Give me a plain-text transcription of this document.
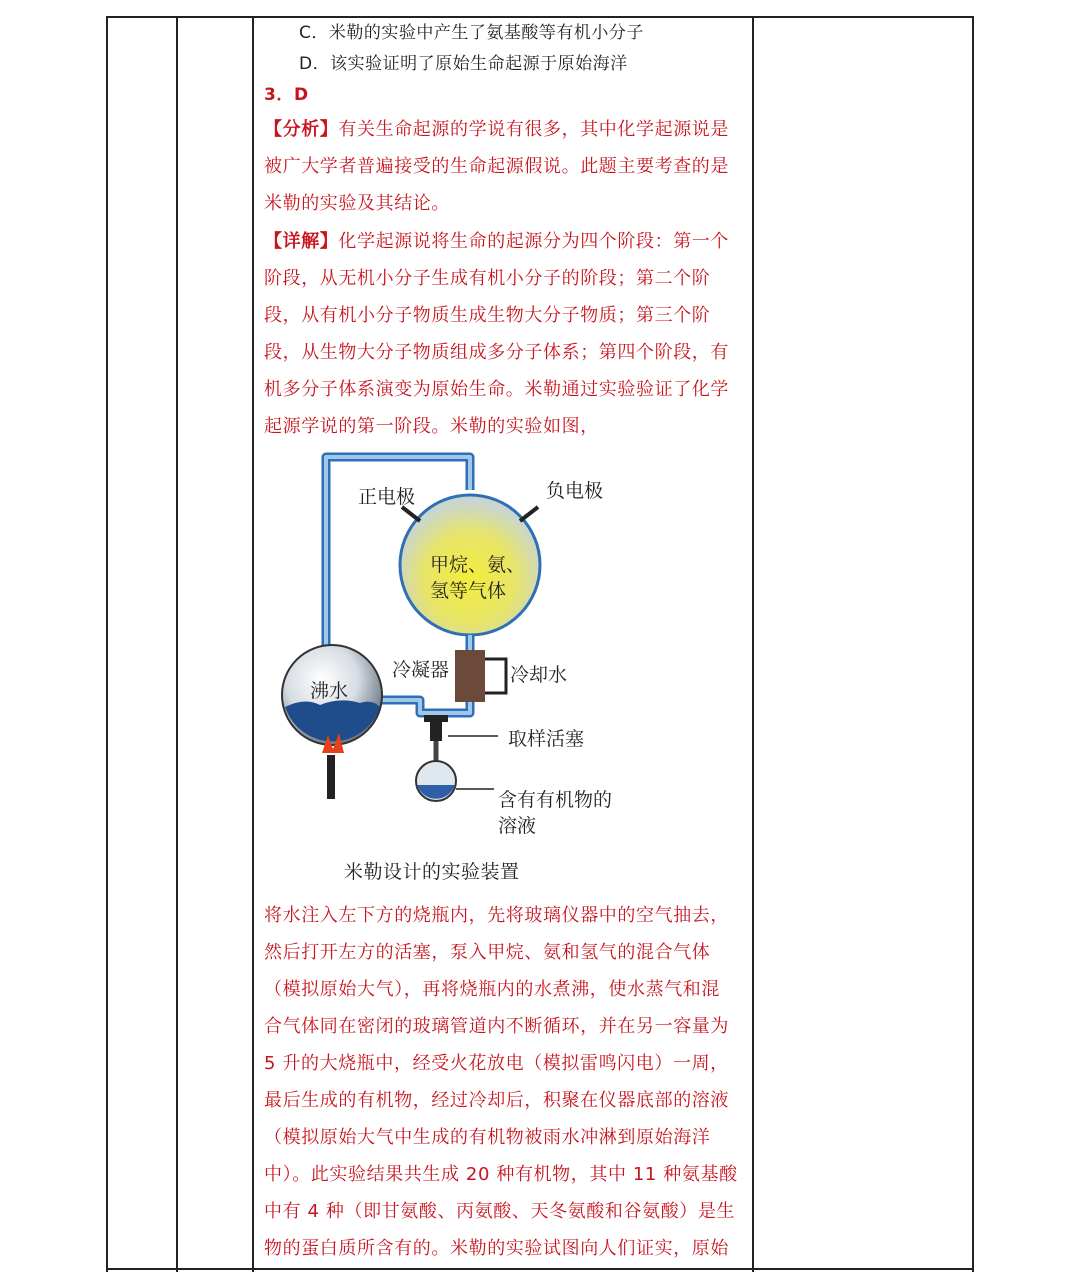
C．米勒的实验中产生了氨基酸等有机小分子
D．该实验证明了原始生命起源于原始海洋
3．D
【分析】有关生命起源的学说有很多，其中化学起源说是
被广大学者普遍接受的生命起源假说。此题主要考查的是
米勒的实验及其结论。
【详解】化学起源说将生命的起源分为四个阶段：第一个
阶段，从无机小分子生成有机小分子的阶段；第二个阶
段，从有机小分子物质生成生物大分子物质；第三个阶
段，从生物大分子物质组成多分子体系；第四个阶段，有
机多分子体系演变为原始生命。米勒通过实验验证了化学
起源学说的第一阶段。米勒的实验如图，
正电极	负电极
甲烷、氨、
氢等气体
冷凝器	冷却水
沸水
取样活塞
含有有机物的
溶液
米勒设计的实验装置
将水注入左下方的烧瓶内，先将玻璃仪器中的空气抽去，
然后打开左方的活塞，泵入甲烷、氨和氢气的混合气体
（模拟原始大气），再将烧瓶内的水煮沸，使水蒸气和混
合气体同在密闭的玻璃管道内不断循环，并在另一容量为
5 升的大烧瓶中，经受火花放电（模拟雷鸣闪电）一周，
最后生成的有机物，经过冷却后，积聚在仪器底部的溶液
（模拟原始大气中生成的有机物被雨水冲淋到原始海洋
中）。此实验结果共生成 20 种有机物，其中 11 种氨基酸
中有 4 种（即甘氨酸、丙氨酸、天冬氨酸和谷氨酸）是生
物的蛋白质所含有的。米勒的实验试图向人们证实，原始
